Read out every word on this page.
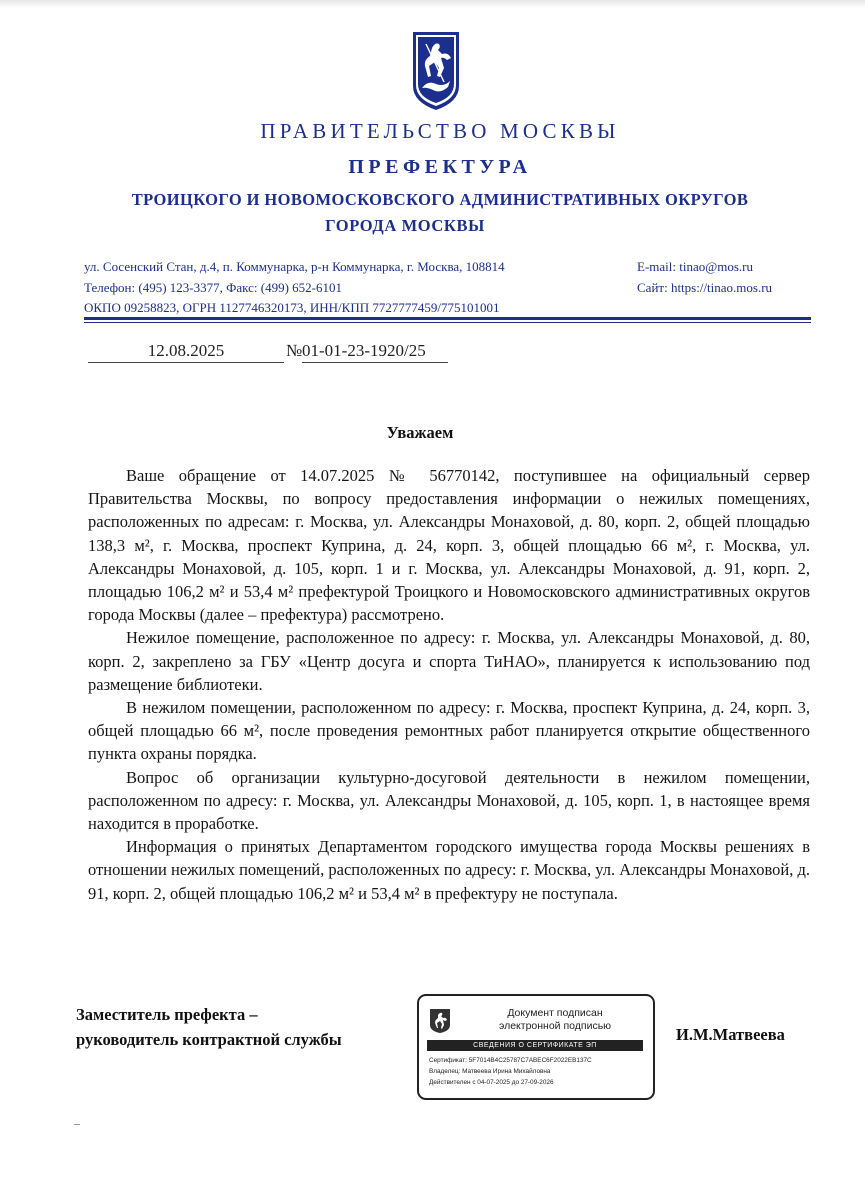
ПРАВИТЕЛЬСТВО МОСКВЫ
ПРЕФЕКТУРА
ТРОИЦКОГО И НОВОМОСКОВСКОГО АДМИНИСТРАТИВНЫХ ОКРУГОВ
ГОРОДА МОСКВЫ
ул. Сосенский Стан, д.4, п. Коммунарка, р-н Коммунарка, г. Москва, 108814
Телефон: (495) 123-3377, Факс: (499) 652-6101
ОКПО 09258823, ОГРН 1127746320173, ИНН/КПП 7727777459/775101001
E-mail: tinao@mos.ru
Сайт: https://tinao.mos.ru
12.08.2025	№ 01-01-23-1920/25
Уважаем

Ваше обращение от 14.07.2025 № 56770142, поступившее на официальный сервер Правительства Москвы, по вопросу предоставления информации о нежилых помещениях, расположенных по адресам: г. Москва, ул. Александры Монаховой, д. 80, корп. 2, общей площадью 138,3 м², г. Москва, проспект Куприна, д. 24, корп. 3, общей площадью 66 м², г. Москва, ул. Александры Монаховой, д. 105, корп. 1 и г. Москва, ул. Александры Монаховой, д. 91, корп. 2, площадью 106,2 м² и 53,4 м² префектурой Троицкого и Новомосковского административных округов города Москвы (далее – префектура) рассмотрено.

Нежилое помещение, расположенное по адресу: г. Москва, ул. Александры Монаховой, д. 80, корп. 2, закреплено за ГБУ «Центр досуга и спорта ТиНАО», планируется к использованию под размещение библиотеки.

В нежилом помещении, расположенном по адресу: г. Москва, проспект Куприна, д. 24, корп. 3, общей площадью 66 м², после проведения ремонтных работ планируется открытие общественного пункта охраны порядка.

Вопрос об организации культурно-досуговой деятельности в нежилом помещении, расположенном по адресу: г. Москва, ул. Александры Монаховой, д. 105, корп. 1, в настоящее время находится в проработке.

Информация о принятых Департаментом городского имущества города Москвы решениях в отношении нежилых помещений, расположенных по адресу: г. Москва, ул. Александры Монаховой, д. 91, корп. 2, общей площадью 106,2 м² и 53,4 м² в префектуру не поступала.

Заместитель префекта –
руководитель контрактной службы
Документ подписан
электронной подписью
СВЕДЕНИЯ О СЕРТИФИКАТЕ ЭП
Сертификат: 5F7014B4C25787C7ABEC6F2022EB137C
Владелец: Матвеева Ирина Михайловна
Действителен с 04-07-2025 до 27-09-2026
И.М.Матвеева
